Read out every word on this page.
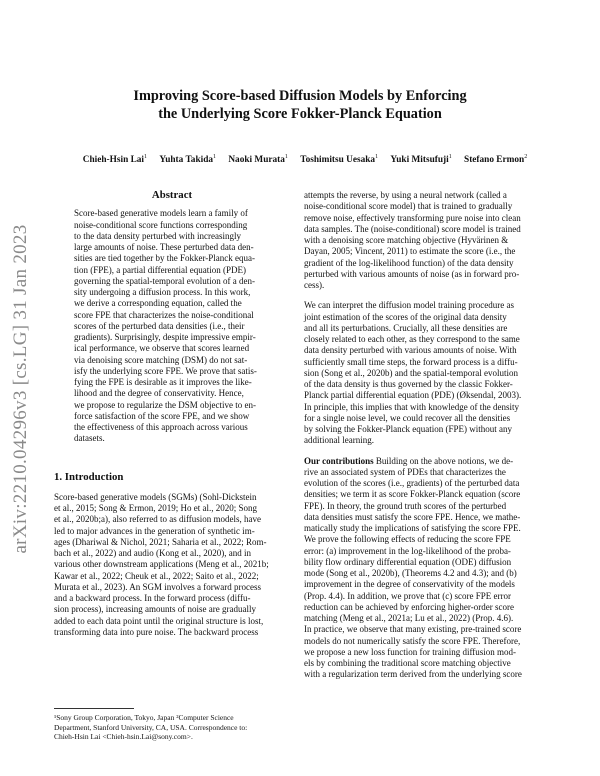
arXiv:2210.04296v3 [cs.LG] 31 Jan 2023
Improving Score-based Diffusion Models by Enforcing
the Underlying Score Fokker-Planck Equation
Chieh-Hsin Lai$^1$ Yuhta Takida$^1$ Naoki Murata$^1$ Toshimitsu Uesaka$^1$ Yuki Mitsufuji$^1$ Stefano Ermon$^2$
Abstract
Score-based generative models learn a family of
noise-conditional score functions corresponding
to the data density perturbed with increasingly
large amounts of noise. These perturbed data den-
sities are tied together by the Fokker-Planck equa-
tion (FPE), a partial differential equation (PDE)
governing the spatial-temporal evolution of a den-
sity undergoing a diffusion process. In this work,
we derive a corresponding equation, called the
score FPE that characterizes the noise-conditional
scores of the perturbed data densities (i.e., their
gradients). Surprisingly, despite impressive empir-
ical performance, we observe that scores learned
via denoising score matching (DSM) do not sat-
isfy the underlying score FPE. We prove that satis-
fying the FPE is desirable as it improves the like-
lihood and the degree of conservativity. Hence,
we propose to regularize the DSM objective to en-
force satisfaction of the score FPE, and we show
the effectiveness of this approach across various
datasets.
1. Introduction
Score-based generative models (SGMs) (Sohl-Dickstein
et al., 2015; Song & Ermon, 2019; Ho et al., 2020; Song
et al., 2020b;a), also referred to as diffusion models, have
led to major advances in the generation of synthetic im-
ages (Dhariwal & Nichol, 2021; Saharia et al., 2022; Rom-
bach et al., 2022) and audio (Kong et al., 2020), and in
various other downstream applications (Meng et al., 2021b;
Kawar et al., 2022; Cheuk et al., 2022; Saito et al., 2022;
Murata et al., 2023). An SGM involves a forward process
and a backward process. In the forward process (diffu-
sion process), increasing amounts of noise are gradually
added to each data point until the original structure is lost,
transforming data into pure noise. The backward process
¹Sony Group Corporation, Tokyo, Japan ²Computer Science
Department, Stanford University, CA, USA. Correspondence to:
Chieh-Hsin Lai <Chieh-hsin.Lai@sony.com>.
attempts the reverse, by using a neural network (called a
noise-conditional score model) that is trained to gradually
remove noise, effectively transforming pure noise into clean
data samples. The (noise-conditional) score model is trained
with a denoising score matching objective (Hyvärinen &
Dayan, 2005; Vincent, 2011) to estimate the score (i.e., the
gradient of the log-likelihood function) of the data density
perturbed with various amounts of noise (as in forward pro-
cess).
We can interpret the diffusion model training procedure as
joint estimation of the scores of the original data density
and all its perturbations. Crucially, all these densities are
closely related to each other, as they correspond to the same
data density perturbed with various amounts of noise. With
sufficiently small time steps, the forward process is a diffu-
sion (Song et al., 2020b) and the spatial-temporal evolution
of the data density is thus governed by the classic Fokker-
Planck partial differential equation (PDE) (Øksendal, 2003).
In principle, this implies that with knowledge of the density
for a single noise level, we could recover all the densities
by solving the Fokker-Planck equation (FPE) without any
additional learning.
Our contributions Building on the above notions, we de-
rive an associated system of PDEs that characterizes the
evolution of the scores (i.e., gradients) of the perturbed data
densities; we term it as score Fokker-Planck equation (score
FPE). In theory, the ground truth scores of the perturbed
data densities must satisfy the score FPE. Hence, we mathe-
matically study the implications of satisfying the score FPE.
We prove the following effects of reducing the score FPE
error: (a) improvement in the log-likelihood of the proba-
bility flow ordinary differential equation (ODE) diffusion
mode (Song et al., 2020b), (Theorems 4.2 and 4.3); and (b)
improvement in the degree of conservativity of the models
(Prop. 4.4). In addition, we prove that (c) score FPE error
reduction can be achieved by enforcing higher-order score
matching (Meng et al., 2021a; Lu et al., 2022) (Prop. 4.6).
In practice, we observe that many existing, pre-trained score
models do not numerically satisfy the score FPE. Therefore,
we propose a new loss function for training diffusion mod-
els by combining the traditional score matching objective
with a regularization term derived from the underlying score
